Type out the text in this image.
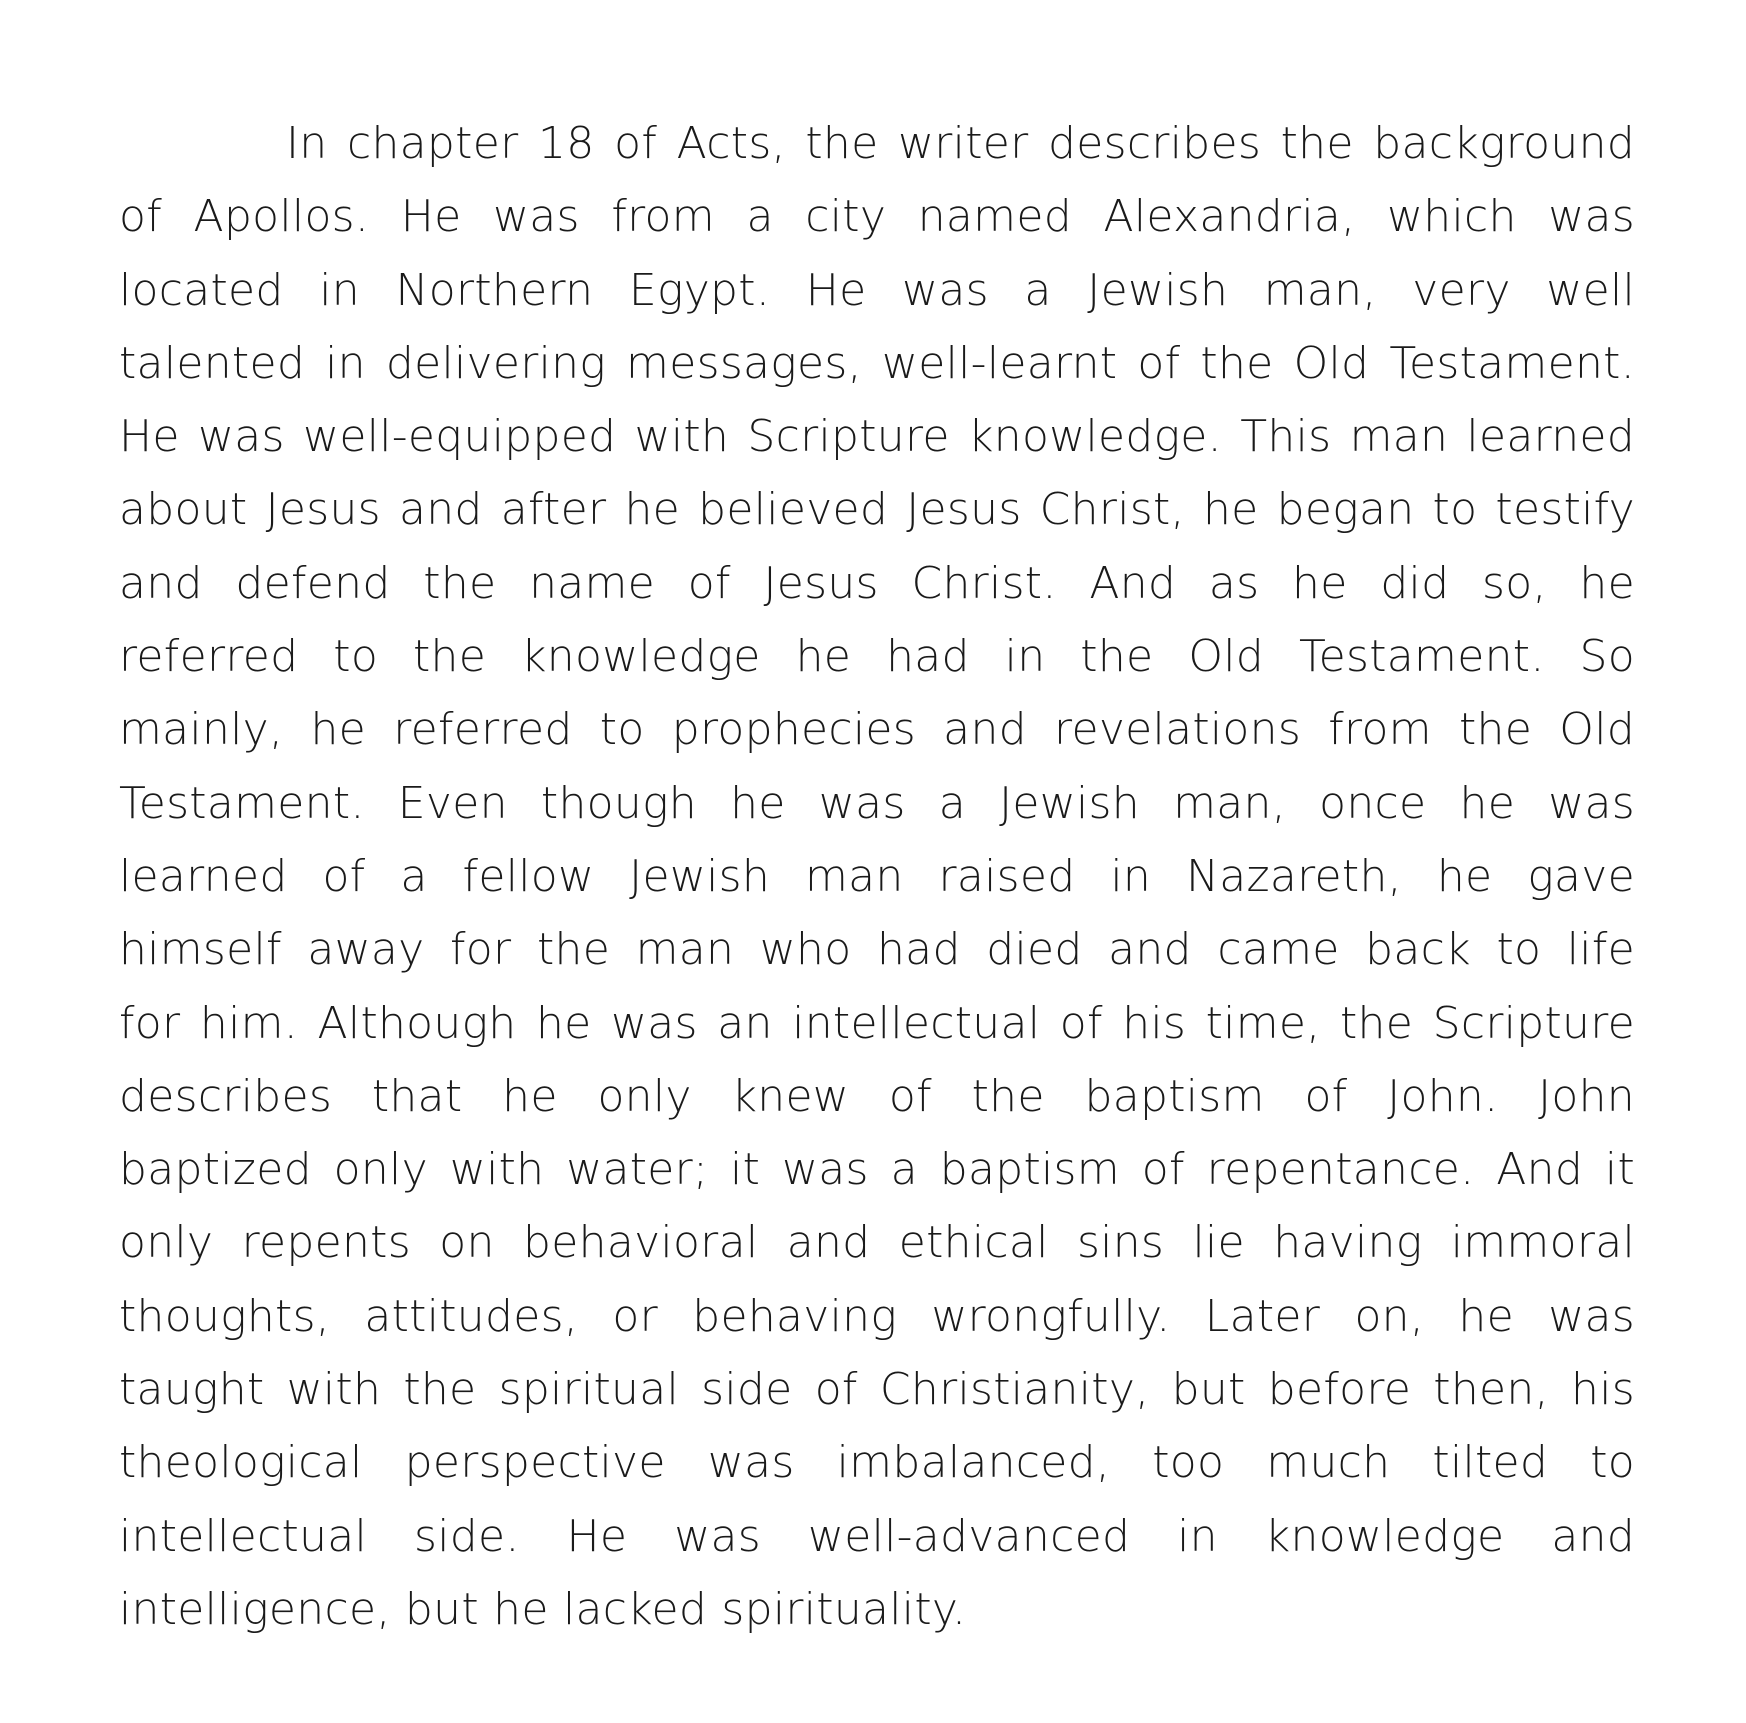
In chapter 18 of Acts, the writer describes the background
of Apollos. He was from a city named Alexandria, which was
located in Northern Egypt. He was a Jewish man, very well
talented in delivering messages, well-learnt of the Old Testament.
He was well-equipped with Scripture knowledge. This man learned
about Jesus and after he believed Jesus Christ, he began to testify
and defend the name of Jesus Christ. And as he did so, he
referred to the knowledge he had in the Old Testament. So
mainly, he referred to prophecies and revelations from the Old
Testament. Even though he was a Jewish man, once he was
learned of a fellow Jewish man raised in Nazareth, he gave
himself away for the man who had died and came back to life
for him. Although he was an intellectual of his time, the Scripture
describes that he only knew of the baptism of John. John
baptized only with water; it was a baptism of repentance. And it
only repents on behavioral and ethical sins lie having immoral
thoughts, attitudes, or behaving wrongfully. Later on, he was
taught with the spiritual side of Christianity, but before then, his
theological perspective was imbalanced, too much tilted to
intellectual side. He was well-advanced in knowledge and
intelligence, but he lacked spirituality.
